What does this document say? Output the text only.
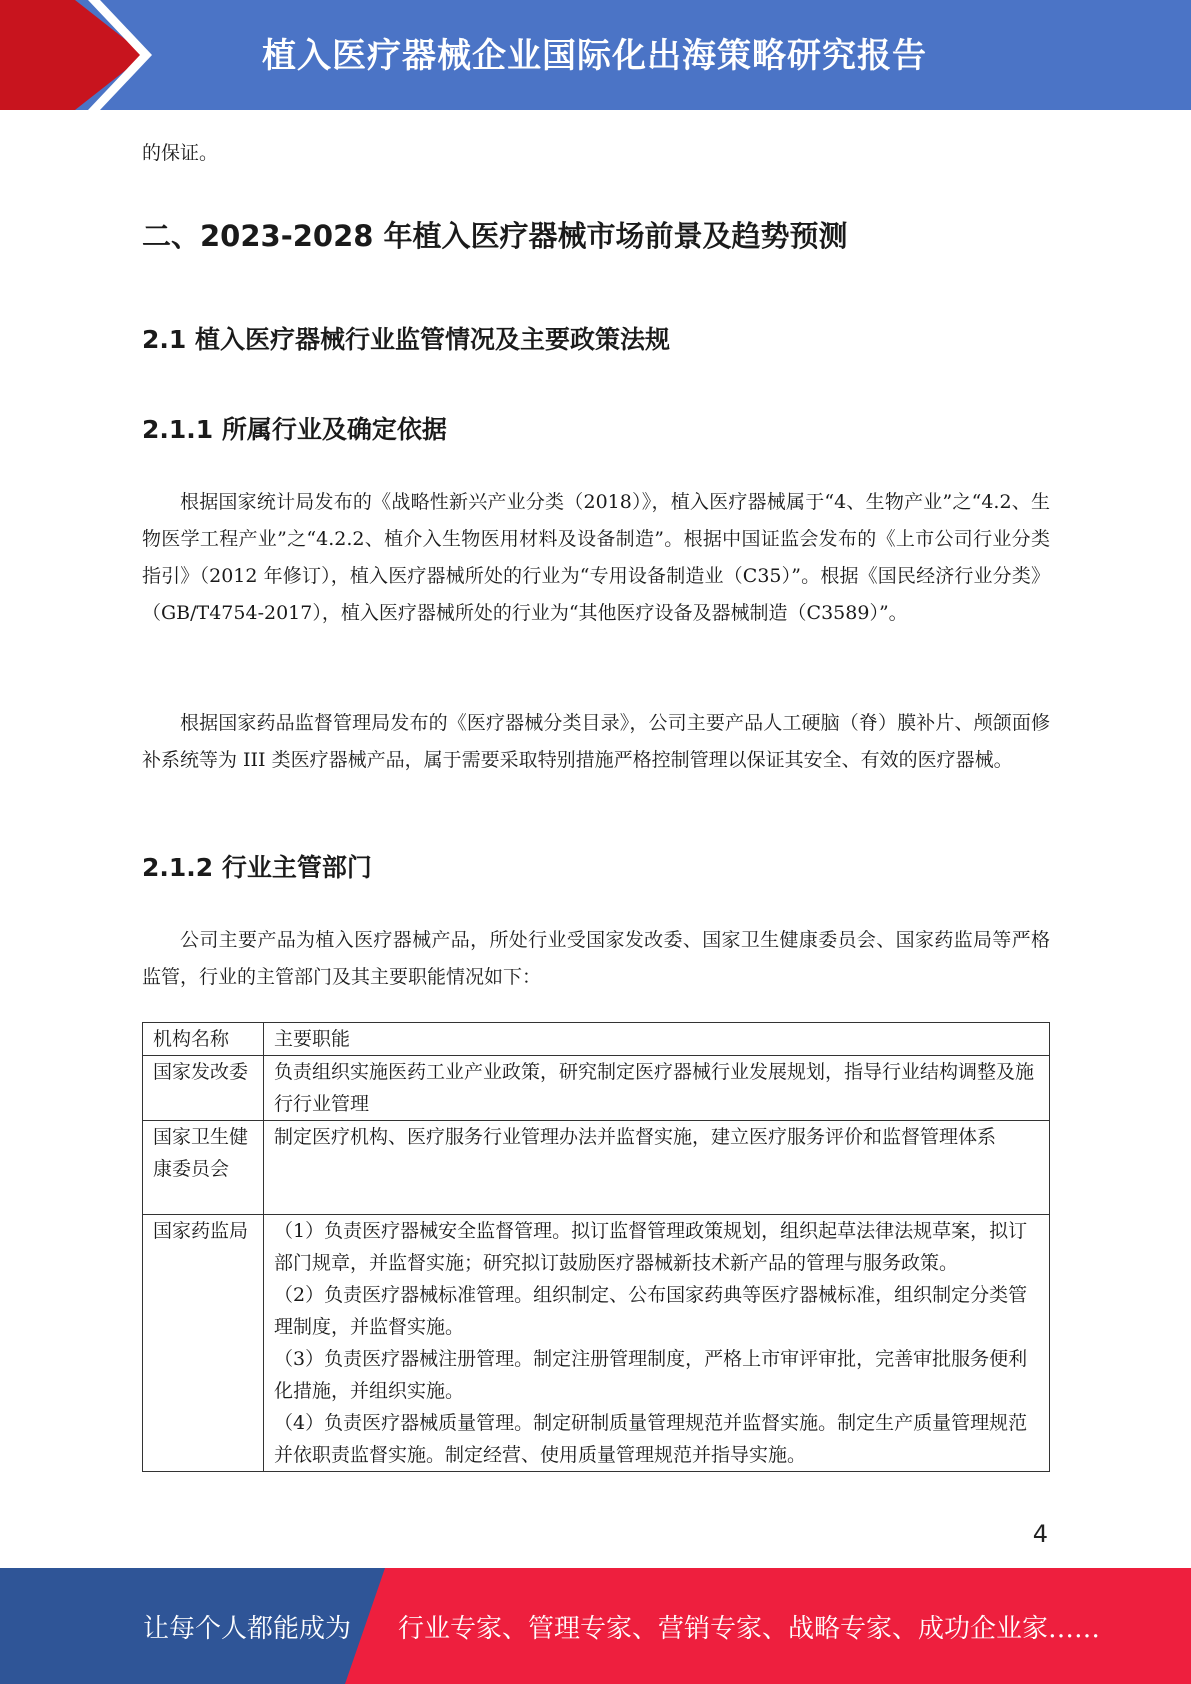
植入医疗器械企业国际化出海策略研究报告
的保证。
二、2023-2028 年植入医疗器械市场前景及趋势预测
2.1 植入医疗器械行业监管情况及主要政策法规
2.1.1 所属行业及确定依据

根据国家统计局发布的《战略性新兴产业分类（2018）》，植入医疗器械属于“4、生物产业”之“4.2、生物医学工程产业”之“4.2.2、植介入生物医用材料及设备制造”。根据中国证监会发布的《上市公司行业分类指引》（2012 年修订），植入医疗器械所处的行业为“专用设备制造业（C35）”。根据《国民经济行业分类》（GB/T4754-2017），植入医疗器械所处的行业为“其他医疗设备及器械制造（C3589）”。

根据国家药品监督管理局发布的《医疗器械分类目录》，公司主要产品人工硬脑（脊）膜补片、颅颌面修补系统等为 III 类医疗器械产品，属于需要采取特别措施严格控制管理以保证其安全、有效的医疗器械。

2.1.2 行业主管部门

公司主要产品为植入医疗器械产品，所处行业受国家发改委、国家卫生健康委员会、国家药监局等严格监管，行业的主管部门及其主要职能情况如下：

机构名称	主要职能
国家发改委	负责组织实施医药工业产业政策，研究制定医疗器械行业发展规划，指导行业结构调整及施行行业管理
国家卫生健康委员会	制定医疗机构、医疗服务行业管理办法并监督实施，建立医疗服务评价和监督管理体系
国家药监局	（1）负责医疗器械安全监督管理。拟订监督管理政策规划，组织起草法律法规草案，拟订部门规章，并监督实施；研究拟订鼓励医疗器械新技术新产品的管理与服务政策。
（2）负责医疗器械标准管理。组织制定、公布国家药典等医疗器械标准，组织制定分类管理制度，并监督实施。
（3）负责医疗器械注册管理。制定注册管理制度，严格上市审评审批，完善审批服务便利化措施，并组织实施。
（4）负责医疗器械质量管理。制定研制质量管理规范并监督实施。制定生产质量管理规范并依职责监督实施。制定经营、使用质量管理规范并指导实施。
4
让每个人都能成为 行业专家、管理专家、营销专家、战略专家、成功企业家……
